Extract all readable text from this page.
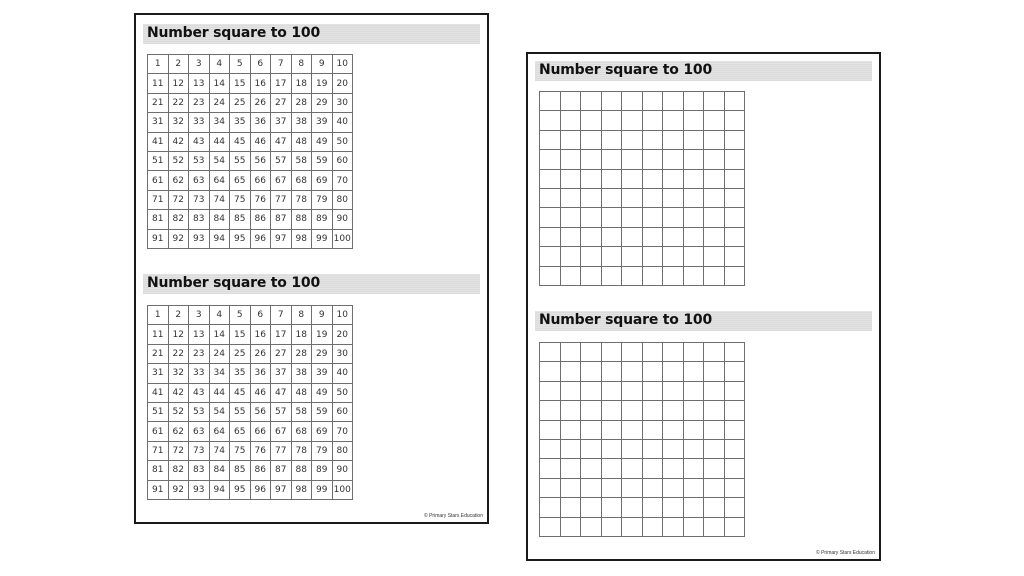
Number square to 100
1	2	3	4	5	6	7	8	9	10
11	12	13	14	15	16	17	18	19	20
21	22	23	24	25	26	27	28	29	30
31	32	33	34	35	36	37	38	39	40
41	42	43	44	45	46	47	48	49	50
51	52	53	54	55	56	57	58	59	60
61	62	63	64	65	66	67	68	69	70
71	72	73	74	75	76	77	78	79	80
81	82	83	84	85	86	87	88	89	90
91	92	93	94	95	96	97	98	99	100
Number square to 100
1	2	3	4	5	6	7	8	9	10
11	12	13	14	15	16	17	18	19	20
21	22	23	24	25	26	27	28	29	30
31	32	33	34	35	36	37	38	39	40
41	42	43	44	45	46	47	48	49	50
51	52	53	54	55	56	57	58	59	60
61	62	63	64	65	66	67	68	69	70
71	72	73	74	75	76	77	78	79	80
81	82	83	84	85	86	87	88	89	90
91	92	93	94	95	96	97	98	99	100
© Primary Stars Education
Number square to 100

Number square to 100

© Primary Stars Education
